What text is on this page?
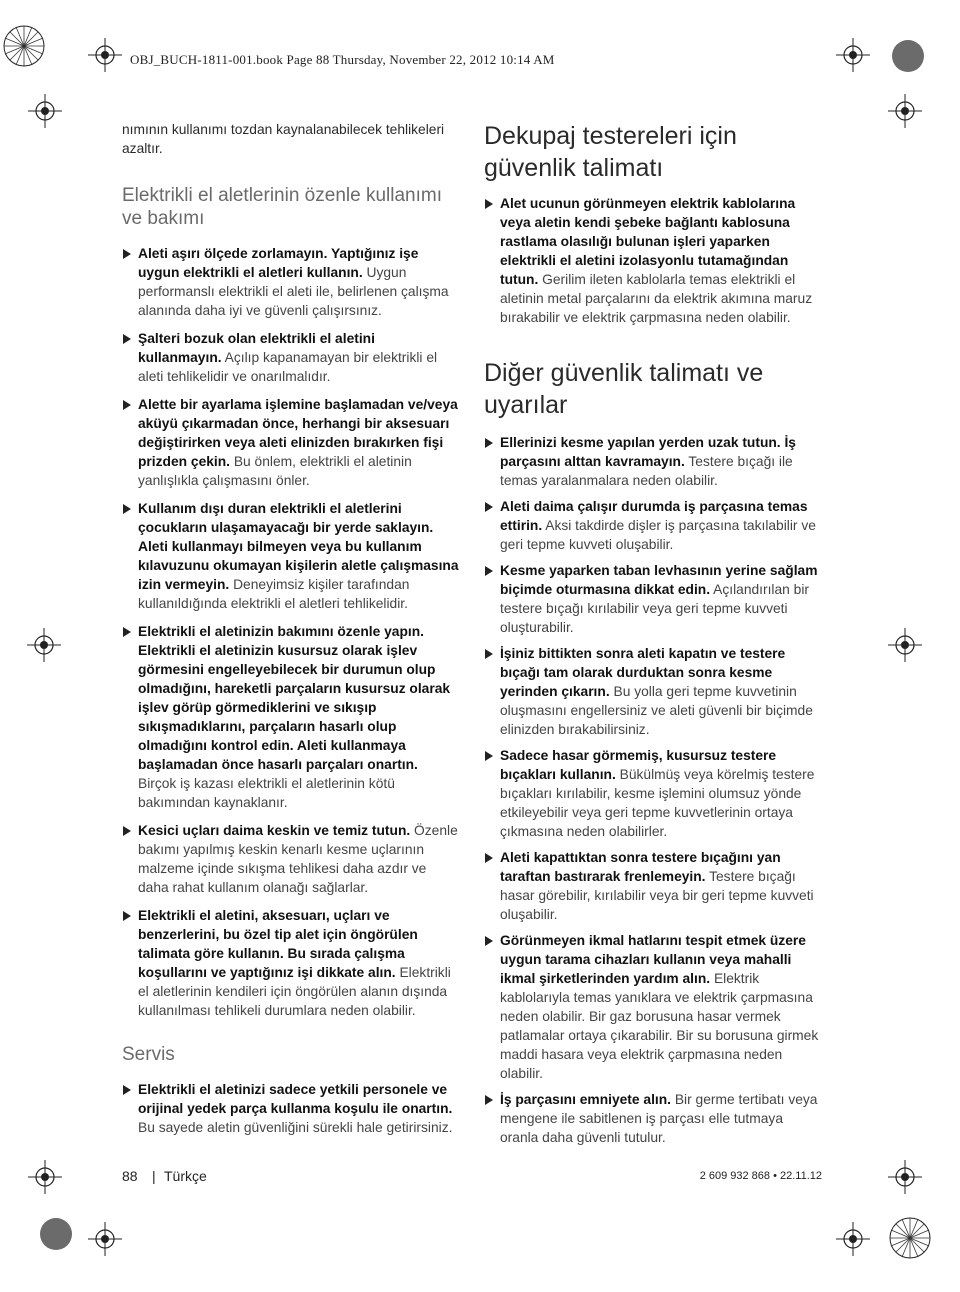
OBJ_BUCH-1811-001.book Page 88 Thursday, November 22, 2012 10:14 AM

nımının kullanımı tozdan kaynalanabilecek tehlikeleri azaltır.

Elektrikli el aletlerinin özenle kullanımı ve bakımı
Aleti aşırı ölçede zorlamayın. Yaptığınız işe uygun elektrikli el aletleri kullanın. Uygun performanslı elektrikli el aleti ile, belirlenen çalışma alanında daha iyi ve güvenli çalışırsınız.
Şalteri bozuk olan elektrikli el aletini kullanmayın. Açılıp kapanamayan bir elektrikli el aleti tehlikelidir ve onarılmalıdır.
Alette bir ayarlama işlemine başlamadan ve/veya aküyü çıkarmadan önce, herhangi bir aksesuarı değiştirirken veya aleti elinizden bırakırken fişi prizden çekin. Bu önlem, elektrikli el aletinin yanlışlıkla çalışmasını önler.
Kullanım dışı duran elektrikli el aletlerini çocukların ulaşamayacağı bir yerde saklayın. Aleti kullanmayı bilmeyen veya bu kullanım kılavuzunu okumayan kişilerin aletle çalışmasına izin vermeyin. Deneyimsiz kişiler tarafından kullanıldığında elektrikli el aletleri tehlikelidir.
Elektrikli el aletinizin bakımını özenle yapın. Elektrikli el aletinizin kusursuz olarak işlev görmesini engelleyebilecek bir durumun olup olmadığını, hareketli parçaların kusursuz olarak işlev görüp görmediklerini ve sıkışıp sıkışmadıklarını, parçaların hasarlı olup olmadığını kontrol edin. Aleti kullanmaya başlamadan önce hasarlı parçaları onartın. Birçok iş kazası elektrikli el aletlerinin kötü bakımından kaynaklanır.
Kesici uçları daima keskin ve temiz tutun. Özenle bakımı yapılmış keskin kenarlı kesme uçlarının malzeme içinde sıkışma tehlikesi daha azdır ve daha rahat kullanım olanağı sağlarlar.
Elektrikli el aletini, aksesuarı, uçları ve benzerlerini, bu özel tip alet için öngörülen talimata göre kullanın. Bu sırada çalışma koşullarını ve yaptığınız işi dikkate alın. Elektrikli el aletlerinin kendileri için öngörülen alanın dışında kullanılması tehlikeli durumlara neden olabilir.
Servis
Elektrikli el aletinizi sadece yetkili personele ve orijinal yedek parça kullanma koşulu ile onartın. Bu sayede aletin güvenliğini sürekli hale getirirsiniz.
Dekupaj testereleri için güvenlik talimatı
Alet ucunun görünmeyen elektrik kablolarına veya aletin kendi şebeke bağlantı kablosuna rastlama olasılığı bulunan işleri yaparken elektrikli el aletini izolasyonlu tutamağından tutun. Gerilim ileten kablolarla temas elektrikli el aletinin metal parçalarını da elektrik akımına maruz bırakabilir ve elektrik çarpmasına neden olabilir.
Diğer güvenlik talimatı ve uyarılar
Ellerinizi kesme yapılan yerden uzak tutun. İş parçasını alttan kavramayın. Testere bıçağı ile temas yaralanmalara neden olabilir.
Aleti daima çalışır durumda iş parçasına temas ettirin. Aksi takdirde dişler iş parçasına takılabilir ve geri tepme kuvveti oluşabilir.
Kesme yaparken taban levhasının yerine sağlam biçimde oturmasına dikkat edin. Açılandırılan bir testere bıçağı kırılabilir veya geri tepme kuvveti oluşturabilir.
İşiniz bittikten sonra aleti kapatın ve testere bıçağı tam olarak durduktan sonra kesme yerinden çıkarın. Bu yolla geri tepme kuvvetinin oluşmasını engellersiniz ve aleti güvenli bir biçimde elinizden bırakabilirsiniz.
Sadece hasar görmemiş, kusursuz testere bıçakları kullanın. Bükülmüş veya körelmiş testere bıçakları kırılabilir, kesme işlemini olumsuz yönde etkileyebilir veya geri tepme kuvvetlerinin ortaya çıkmasına neden olabilirler.
Aleti kapattıktan sonra testere bıçağını yan taraftan bastırarak frenlemeyin. Testere bıçağı hasar görebilir, kırılabilir veya bir geri tepme kuvveti oluşabilir.
Görünmeyen ikmal hatlarını tespit etmek üzere uygun tarama cihazları kullanın veya mahalli ikmal şirketlerinden yardım alın. Elektrik kablolarıyla temas yanıklara ve elektrik çarpmasına neden olabilir. Bir gaz borusuna hasar vermek patlamalar ortaya çıkarabilir. Bir su borusuna girmek maddi hasara veya elektrik çarpmasına neden olabilir.
İş parçasını emniyete alın. Bir germe tertibatı veya mengene ile sabitlenen iş parçası elle tutmaya oranla daha güvenli tutulur.
88 | Türkçe	2 609 932 868 • 22.11.12
